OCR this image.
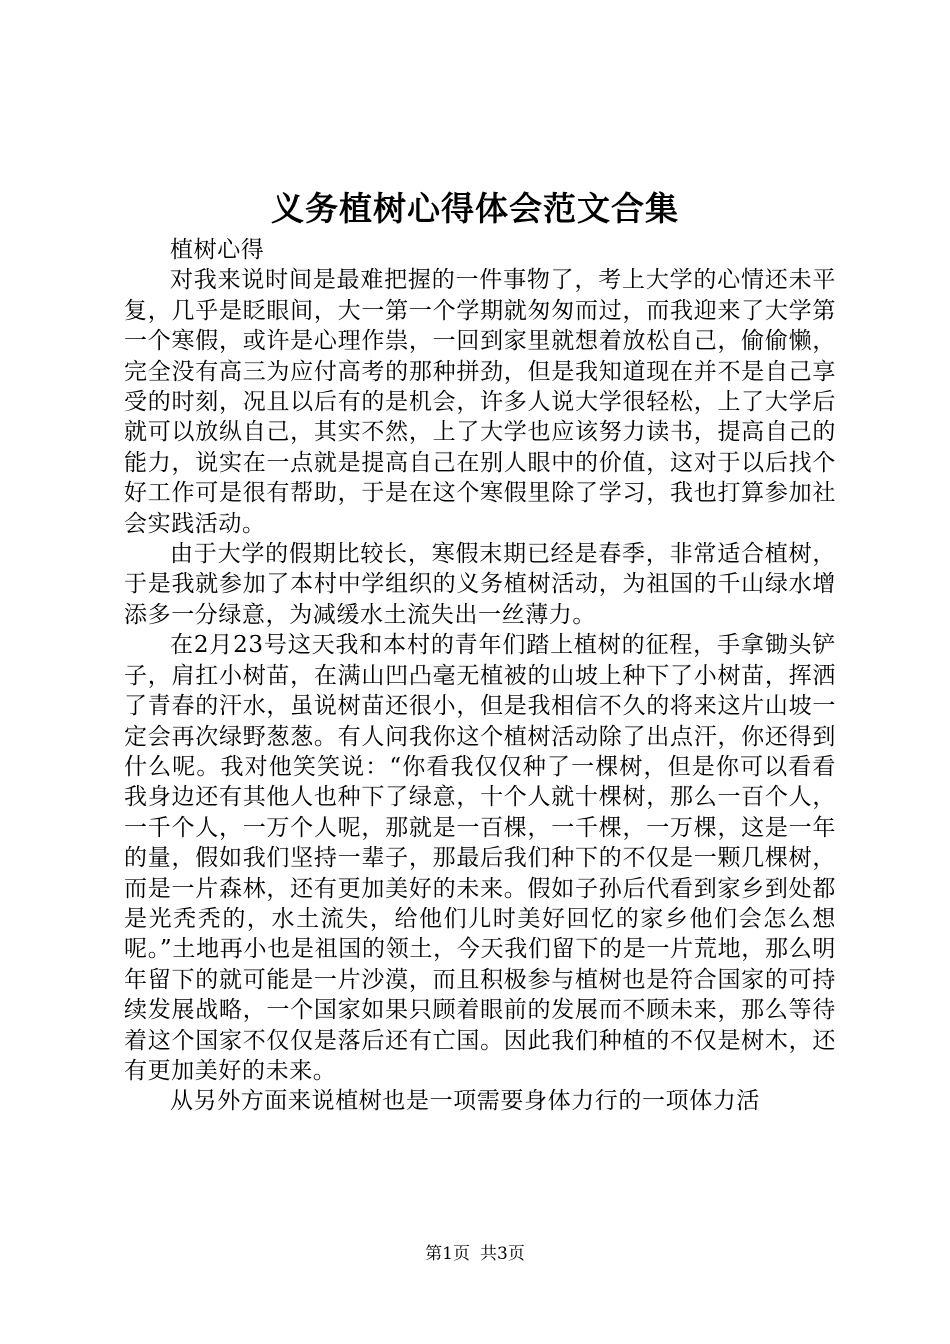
义务植树心得体会范文合集

植树心得

对我来说时间是最难把握的一件事物了，考上大学的心情还未平复，几乎是眨眼间，大一第一个学期就匆匆而过，而我迎来了大学第一个寒假，或许是心理作祟，一回到家里就想着放松自己，偷偷懒，完全没有高三为应付高考的那种拼劲，但是我知道现在并不是自己享受的时刻，况且以后有的是机会，许多人说大学很轻松，上了大学后就可以放纵自己，其实不然，上了大学也应该努力读书，提高自己的能力，说实在一点就是提高自己在别人眼中的价值，这对于以后找个好工作可是很有帮助，于是在这个寒假里除了学习，我也打算参加社会实践活动。

由于大学的假期比较长，寒假末期已经是春季，非常适合植树，于是我就参加了本村中学组织的义务植树活动，为祖国的千山绿水增添多一分绿意，为减缓水土流失出一丝薄力。

在2月23号这天我和本村的青年们踏上植树的征程，手拿锄头铲子，肩扛小树苗，在满山凹凸毫无植被的山坡上种下了小树苗，挥洒了青春的汗水，虽说树苗还很小，但是我相信不久的将来这片山坡一定会再次绿野葱葱。有人问我你这个植树活动除了出点汗，你还得到什么呢。我对他笑笑说：“你看我仅仅种了一棵树，但是你可以看看我身边还有其他人也种下了绿意，十个人就十棵树，那么一百个人，一千个人，一万个人呢，那就是一百棵，一千棵，一万棵，这是一年的量，假如我们坚持一辈子，那最后我们种下的不仅是一颗几棵树，而是一片森林，还有更加美好的未来。假如子孙后代看到家乡到处都是光秃秃的，水土流失，给他们儿时美好回忆的家乡他们会怎么想呢。”土地再小也是祖国的领土，今天我们留下的是一片荒地，那么明年留下的就可能是一片沙漠，而且积极参与植树也是符合国家的可持续发展战略，一个国家如果只顾着眼前的发展而不顾未来，那么等待着这个国家不仅仅是落后还有亡国。因此我们种植的不仅是树木，还有更加美好的未来。

从另外方面来说植树也是一项需要身体力行的一项体力活

第1页 共3页
